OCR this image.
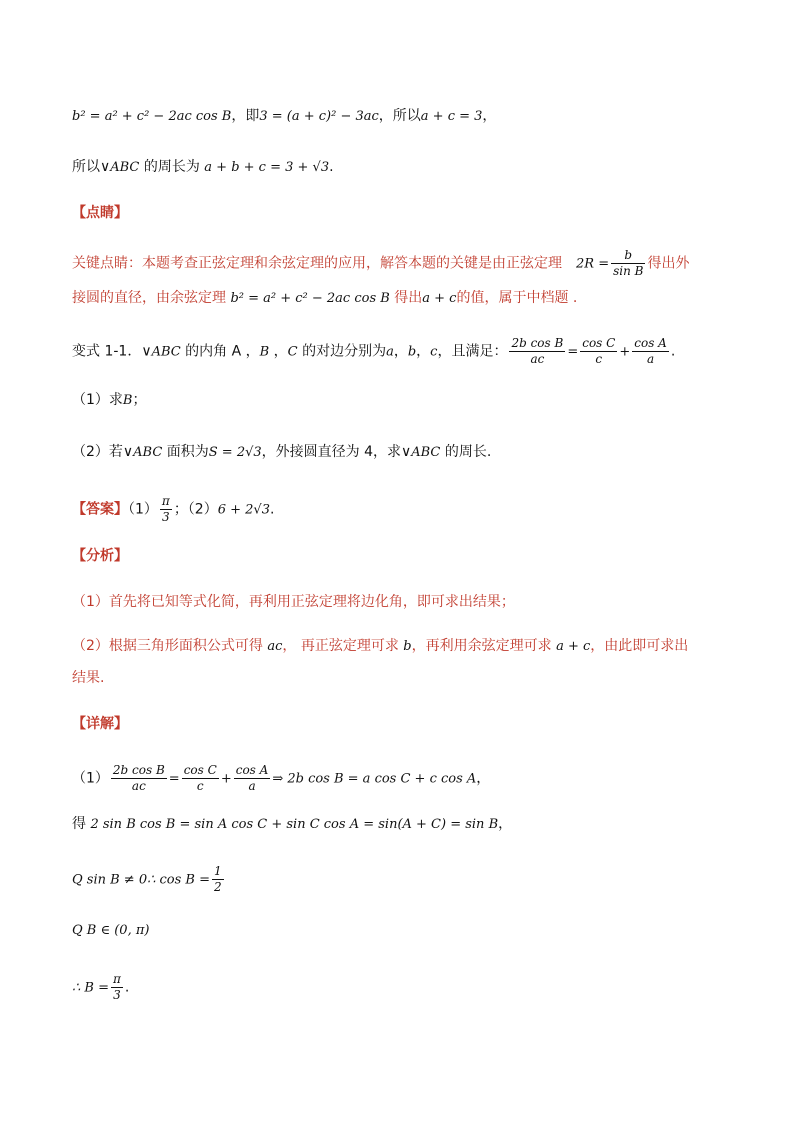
b² = a² + c² − 2ac cos B，即3 = (a + c)² − 3ac，所以a + c = 3，
所以∨ABC 的周长为 a + b + c = 3 + √3.
【点睛】
关键点睛：本题考查正弦定理和余弦定理的应用，解答本题的关键是由正弦定理　$2R = \frac{b}{\text{sin B}}$ 得出外
接圆的直径，由余弦定理 b² = a² + c² − 2ac cos B 得出a + c的值，属于中档题 .
变式 1-1．∨ABC 的内角 A ，B ，C 的对边分别为a，b，c，且满足： $\frac{\text{2b cos B}}{ac} = \frac{\text{cos C}}{c} + \frac{\text{cos A}}{a}$ .
（1）求B；
（2）若∨ABC 面积为S = 2√3，外接圆直径为 4，求∨ABC 的周长.
【答案】$(1) \frac{\pi}{3}$ ；（2）6 + 2√3.
【分析】
（1）首先将已知等式化简，再利用正弦定理将边化角，即可求出结果；
（2）根据三角形面积公式可得 ac， 再正弦定理可求 b，再利用余弦定理可求 a + c，由此即可求出
结果.
【详解】
$(1) \frac{\text{2b cos B}}{ac} = \frac{\text{cos C}}{c} + \frac{\text{cos A}}{a}$ ⇒ 2b cos B = a cos C + c cos A，
得 2 sin B cos B = sin A cos C + sin C cos A = sin(A + C) = sin B，
Q sin B ≠ 0∴ $\cos B = \frac{1}{2}$
Q B ∈ (0, π)
∴ $B = \frac{\pi}{3}$ .
